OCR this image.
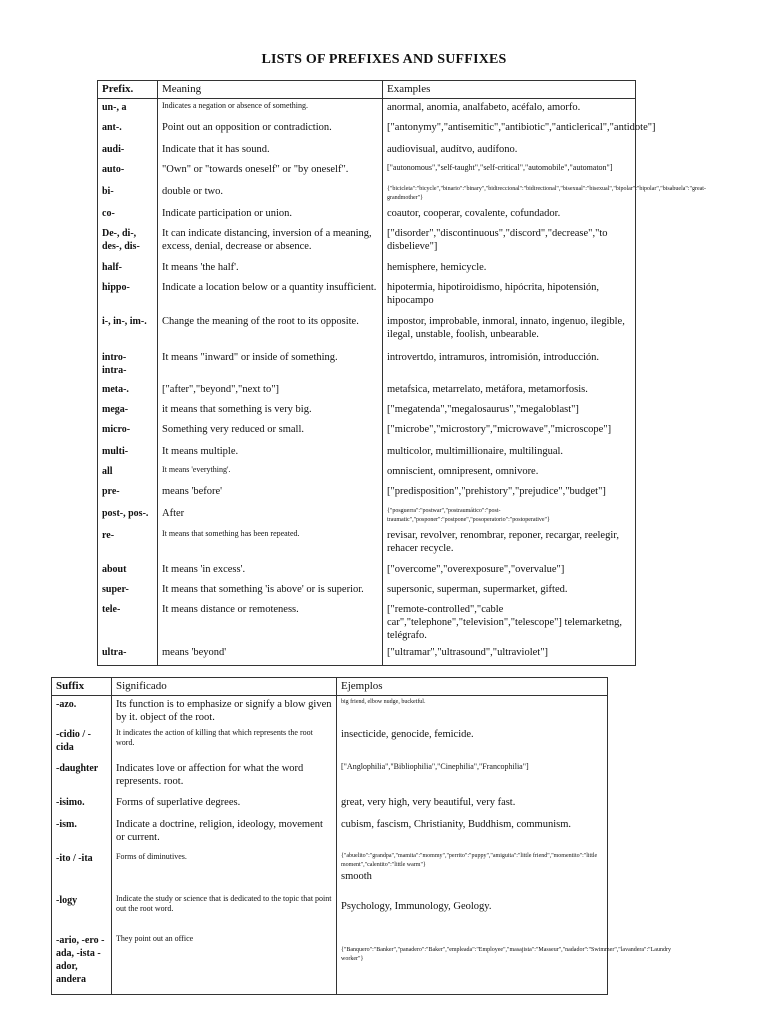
LISTS OF PREFIXES AND SUFFIXES
Prefix.	Meaning	Examples
un-, a	Indicates a negation or absence of something.	anormal, anomia, analfabeto, acéfalo, amorfo.
ant-.	Point out an opposition or contradiction.	["antonymy","antisemitic","antibiotic","anticlerical","antidote"]
audi-	Indicate that it has sound.	audiovisual, audítvo, audífono.
auto-	"Own" or "towards oneself" or "by oneself".	["autonomous","self-taught","self-critical","automobile","automaton"]
bi-	double or two.	{"bicicleta":"bicycle","binario":"binary","bidireccional":"bidirectional","bisexual":"bisexual","bipolar":"bipolar","bisabuela":"great-grandmother"}
co-	Indicate participation or union.	coautor, cooperar, covalente, cofundador.
De-, di-, des-, dis-	It can indicate distancing, inversion of a meaning, excess, denial, decrease or absence.	["disorder","discontinuous","discord","decrease","to disbelieve"]
half-	It means 'the half'.	hemisphere, hemicycle.
hippo-	Indicate a location below or a quantity insufficient.	hipotermia, hipotiroidismo, hipócrita, hipotensión, hipocampo
i-, in-, im-.	Change the meaning of the root to its opposite.	impostor, improbable, inmoral, innato, ingenuo, ilegible, ilegal, unstable, foolish, unbearable.
intro- intra-	It means "inward" or inside of something.	introvertdo, intramuros, intromisión, introducción.
meta-.	["after","beyond","next to"]	metafsica, metarrelato, metáfora, metamorfosis.
mega-	it means that something is very big.	["megatenda","megalosaurus","megaloblast"]
micro-	Something very reduced or small.	["microbe","microstory","microwave","microscope"]
multi-	It means multiple.	multicolor, multimillionaire, multilingual.
all	It means 'everything'.	omniscient, omnipresent, omnivore.
pre-	means 'before'	["predisposition","prehistory","prejudice","budget"]
post-, pos-.	After	{"posguerra":"postwar","postraumático":"post-traumatic","posponer":"postpone","posoperatorio":"postoperative"}
re-	It means that something has been repeated.	revisar, revolver, renombrar, reponer, recargar, reelegir, rehacer recycle.
about	It means 'in excess'.	["overcome","overexposure","overvalue"]
super-	It means that something 'is above' or is superior.	supersonic, superman, supermarket, gifted.
tele-	It means distance or remoteness.	["remote-controlled","cable car","telephone","television","telescope"] telemarketng, telégrafo.
ultra-	means 'beyond'	["ultramar","ultrasound","ultraviolet"]
Suffix	Significado	Ejemplos
-azo.	Its function is to emphasize or signify a blow given by it. object of the root.	big friend, elbow nudge, bucketful.

-cidio / -cida	It indicates the action of killing that which represents the root word.	insecticide, genocide, femicide.

-daughter	Indicates love or affection for what the word represents. root.	["Anglophilia","Bibliophilia","Cinephilia","Francophilia"]

-isimo.	Forms of superlative degrees.	great, very high, very beautiful, very fast.

-ism.	Indicate a doctrine, religion, ideology, movement or current.	cubism, fascism, Christianity, Buddhism, communism.

-ito / -ita	Forms of diminutives.	{"abuelito":"grandpa","mamita":"mommy","perrito":"puppy","amiguita":"little friend","momentito":"little moment","calentito":"little warm"}
smooth

-logy	Indicate the study or science that is dedicated to the topic that point out the root word.	Psychology, Immunology, Geology.

-ario, -ero -ada, -ista -ador, andera	They point out an office	{"Banquero":"Banker","panadero":"Baker","empleada":"Employee","masajista":"Masseur","nadador":"Swimmer","lavandera":"Laundry worker"}
